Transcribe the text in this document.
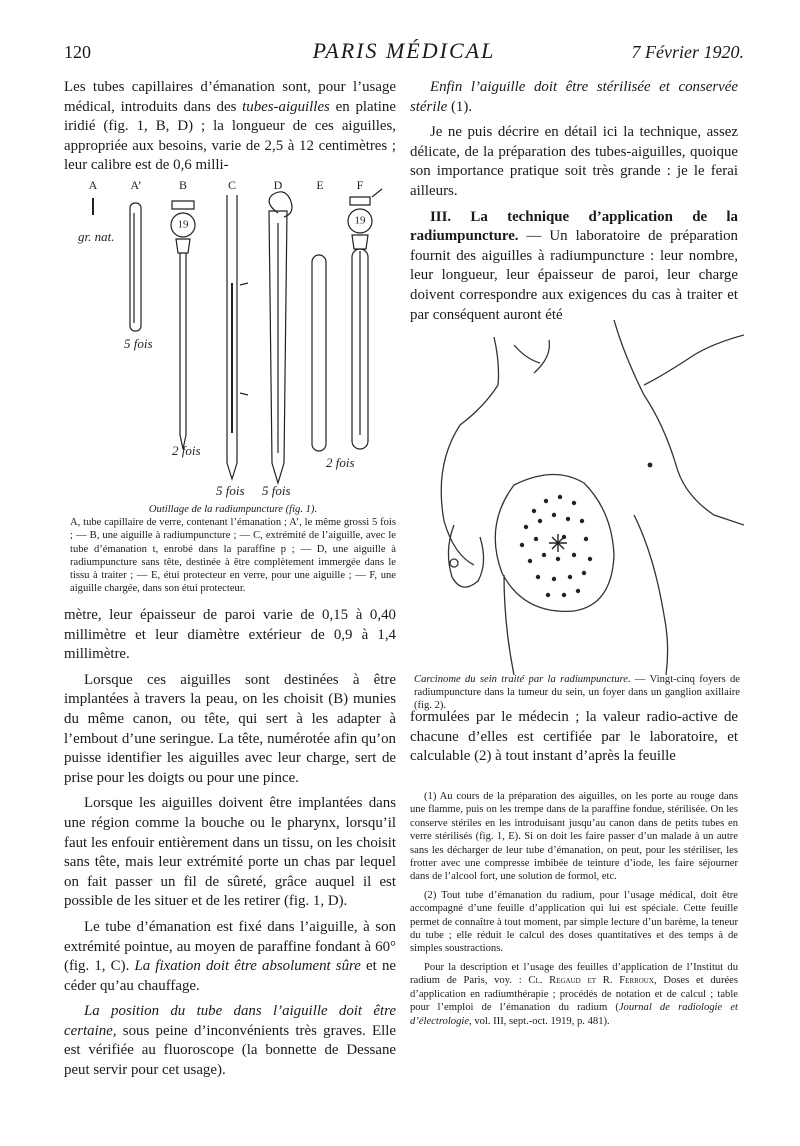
120	PARIS MÉDICAL	7 Février 1920.

Les tubes capillaires d’émanation sont, pour l’usage médical, introduits dans des tubes-aiguilles en platine iridié (fig. 1, B, D) ; la longueur de ces aiguilles, appropriée aux besoins, varie de 2,5 à 12 centimètres ; leur calibre est de 0,6 milli-

A	A’	B	C	D	E	F
19	19
gr. nat.
5 fois
2 fois
5 fois 5 fois
2 fois

Outillage de la radiumpuncture (fig. 1).

A, tube capillaire de verre, contenant l’émanation ; A’, le même grossi 5 fois ; — B, une aiguille à radiumpuncture ; — C, extrémité de l’aiguille, avec le tube d’émanation t, enrobé dans la paraffine p ; — D, une aiguille à radiumpuncture sans tête, destinée à être complètement immergée dans le tissu à traiter ; — E, étui protecteur en verre, pour une aiguille ; — F, une aiguille chargée, dans son étui protecteur.

mètre, leur épaisseur de paroi varie de 0,15 à 0,40 millimètre et leur diamètre extérieur de 0,9 à 1,4 millimètre.

Lorsque ces aiguilles sont destinées à être implantées à travers la peau, on les choisit (B) munies du même canon, ou tête, qui sert à les adapter à l’embout d’une seringue. La tête, numérotée afin qu’on puisse identifier les aiguilles avec leur charge, sert de prise pour les doigts ou pour une pince.

Lorsque les aiguilles doivent être implantées dans une région comme la bouche ou le pharynx, lorsqu’il faut les enfouir entièrement dans un tissu, on les choisit sans tête, mais leur extrémité porte un chas par lequel on fait passer un fil de sûreté, grâce auquel il est possible de les situer et de les retirer (fig. 1, D).

Le tube d’émanation est fixé dans l’aiguille, à son extrémité pointue, au moyen de paraffine fondant à 60° (fig. 1, C). La fixation doit être absolument sûre et ne céder qu’au chauffage.

La position du tube dans l’aiguille doit être certaine, sous peine d’inconvénients très graves. Elle est vérifiée au fluoroscope (la bonnette de Dessane peut servir pour cet usage).

Enfin l’aiguille doit être stérilisée et conservée stérile (1).

Je ne puis décrire en détail ici la technique, assez délicate, de la préparation des tubes-aiguilles, quoique son importance pratique soit très grande : je le ferai ailleurs.

III. La technique d’application de la radiumpuncture. — Un laboratoire de préparation fournit des aiguilles à radiumpuncture : leur nombre, leur longueur, leur épaisseur de paroi, leur charge doivent correspondre aux exigences du cas à traiter et par conséquent auront été

Carcinome du sein traité par la radiumpuncture. — Vingt-cinq foyers de radiumpuncture dans la tumeur du sein, un foyer dans un ganglion axillaire (fig. 2).

formulées par le médecin ; la valeur radio-active de chacune d’elles est certifiée par le laboratoire, et calculable (2) à tout instant d’après la feuille

(1) Au cours de la préparation des aiguilles, on les porte au rouge dans une flamme, puis on les trempe dans de la paraffine fondue, stérilisée. On les conserve stériles en les introduisant jusqu’au canon dans de petits tubes en verre stérilisés (fig. 1, E). Si on doit les faire passer d’un malade à un autre sans les décharger de leur tube d’émanation, on peut, pour les stériliser, les frotter avec une compresse imbibée de teinture d’iode, les faire séjourner dans de l’alcool fort, une solution de formol, etc.

(2) Tout tube d’émanation du radium, pour l’usage médical, doit être accompagné d’une feuille d’application qui lui est spéciale. Cette feuille permet de connaître à tout moment, par simple lecture d’un barème, la teneur du tube ; elle réduit le calcul des doses quantitatives et des temps à de simples soustractions.

Pour la description et l’usage des feuilles d’application de l’Institut du radium de Paris, voy. : Cl. Regaud et R. Ferroux, Doses et durées d’application en radiumthérapie ; procédés de notation et de calcul ; table pour l’emploi de l’émanation du radium (Journal de radiologie et d’électrologie, vol. III, sept.-oct. 1919, p. 481).
